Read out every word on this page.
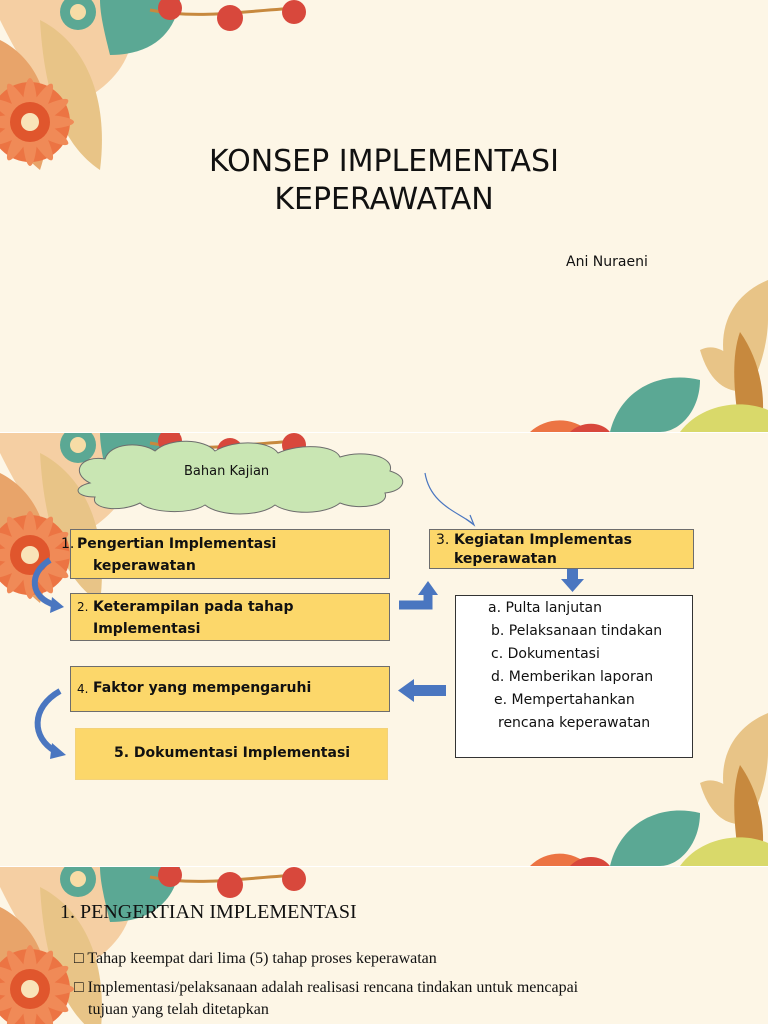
KONSEP IMPLEMENTASI
KEPERAWATAN
Ani Nuraeni
Bahan Kajian
1. Pengertian Implementasi
keperawatan
2. Keterampilan pada tahap
Implementasi
3. Kegiatan Implementas
keperawatan
4. Faktor yang mempengaruhi
5. Dokumentasi Implementasi
a. Pulta lanjutan
b. Pelaksanaan tindakan
c. Dokumentasi
d. Memberikan laporan
e. Mempertahankan
rencana keperawatan
1. PENGERTIAN IMPLEMENTASI
□ Tahap keempat dari lima (5) tahap proses keperawatan
□ Implementasi/pelaksanaan adalah realisasi rencana tindakan untuk mencapai
tujuan yang telah ditetapkan
